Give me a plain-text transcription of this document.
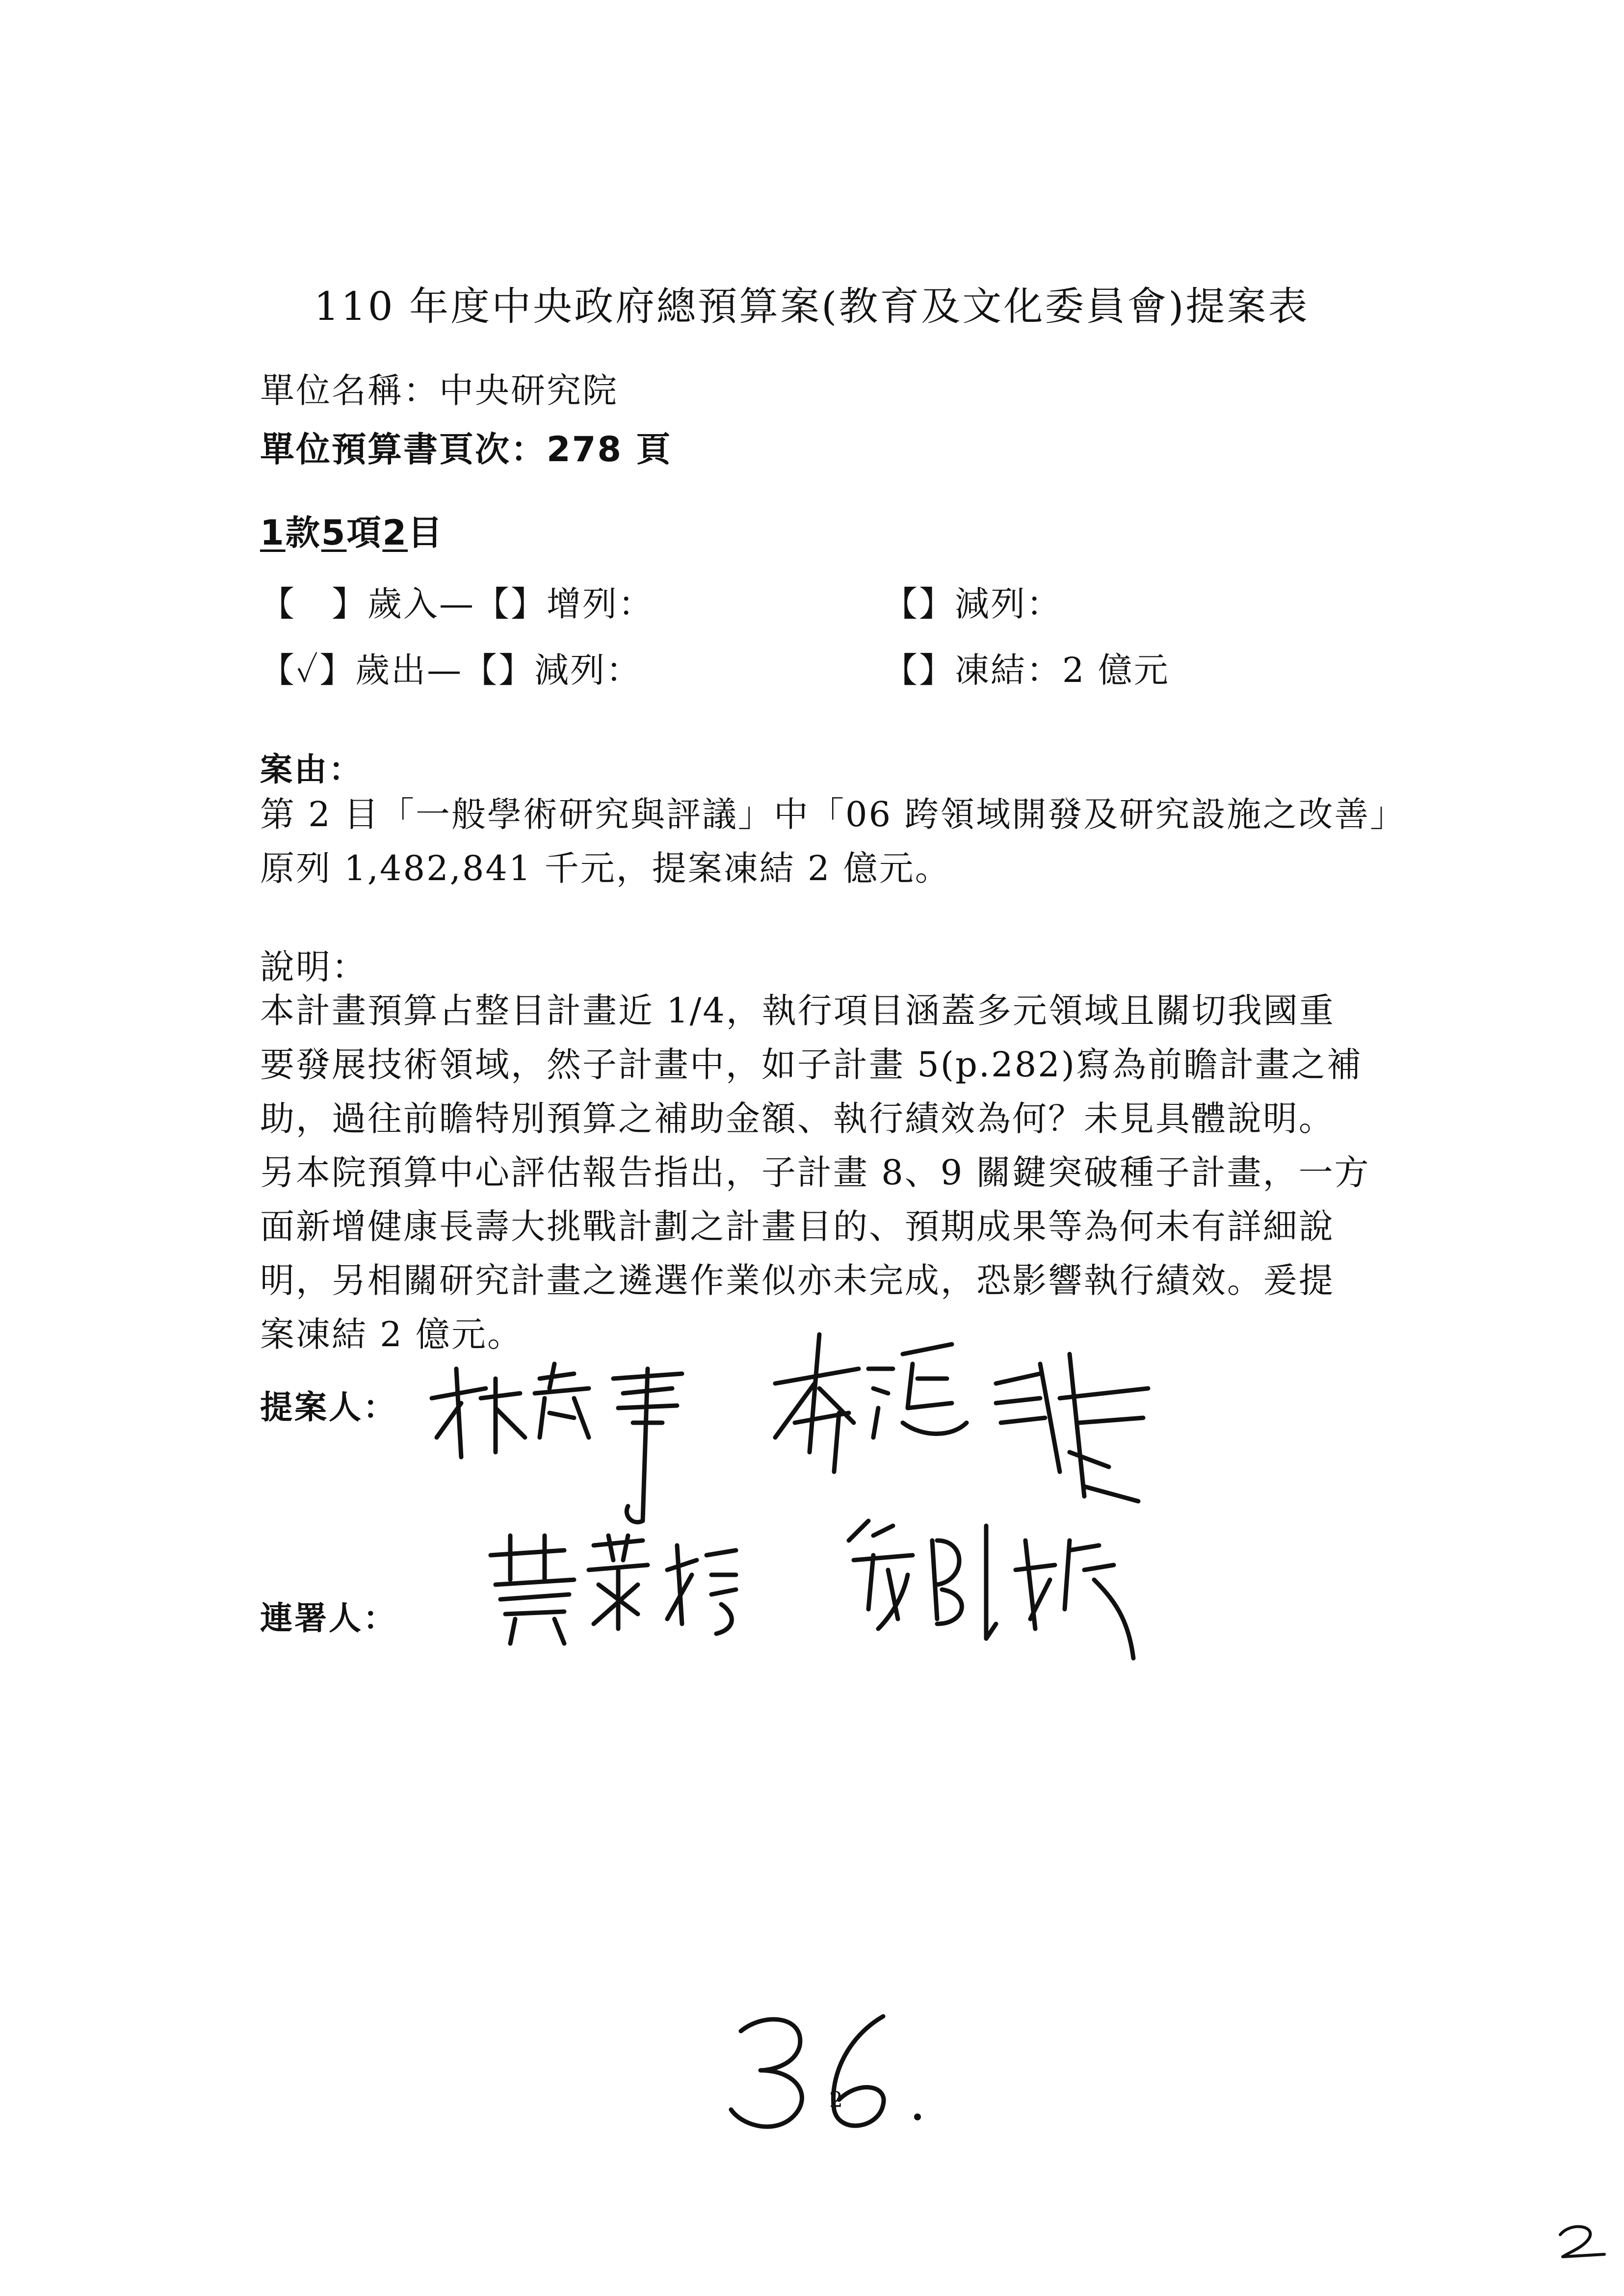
110 年度中央政府總預算案(教育及文化委員會)提案表
單位名稱：中央研究院
單位預算書頁次：278 頁
1款5項2目
【　】歲入—【】增列：	【】減列：
【✓】歲出—【】減列：	【】凍結：2 億元
案由：
第 2 目「一般學術研究與評議」中「06 跨領域開發及研究設施之改善」
原列 1,482,841 千元，提案凍結 2 億元。
說明：
本計畫預算占整目計畫近 1/4，執行項目涵蓋多元領域且關切我國重
要發展技術領域，然子計畫中，如子計畫 5(p.282)寫為前瞻計畫之補
助，過往前瞻特別預算之補助金額、執行績效為何？未見具體說明。
另本院預算中心評估報告指出，子計畫 8、9 關鍵突破種子計畫，一方
面新增健康長壽大挑戰計劃之計畫目的、預期成果等為何未有詳細說
明，另相關研究計畫之遴選作業似亦未完成，恐影響執行績效。爰提
案凍結 2 億元。
提案人：
連署人：
2
